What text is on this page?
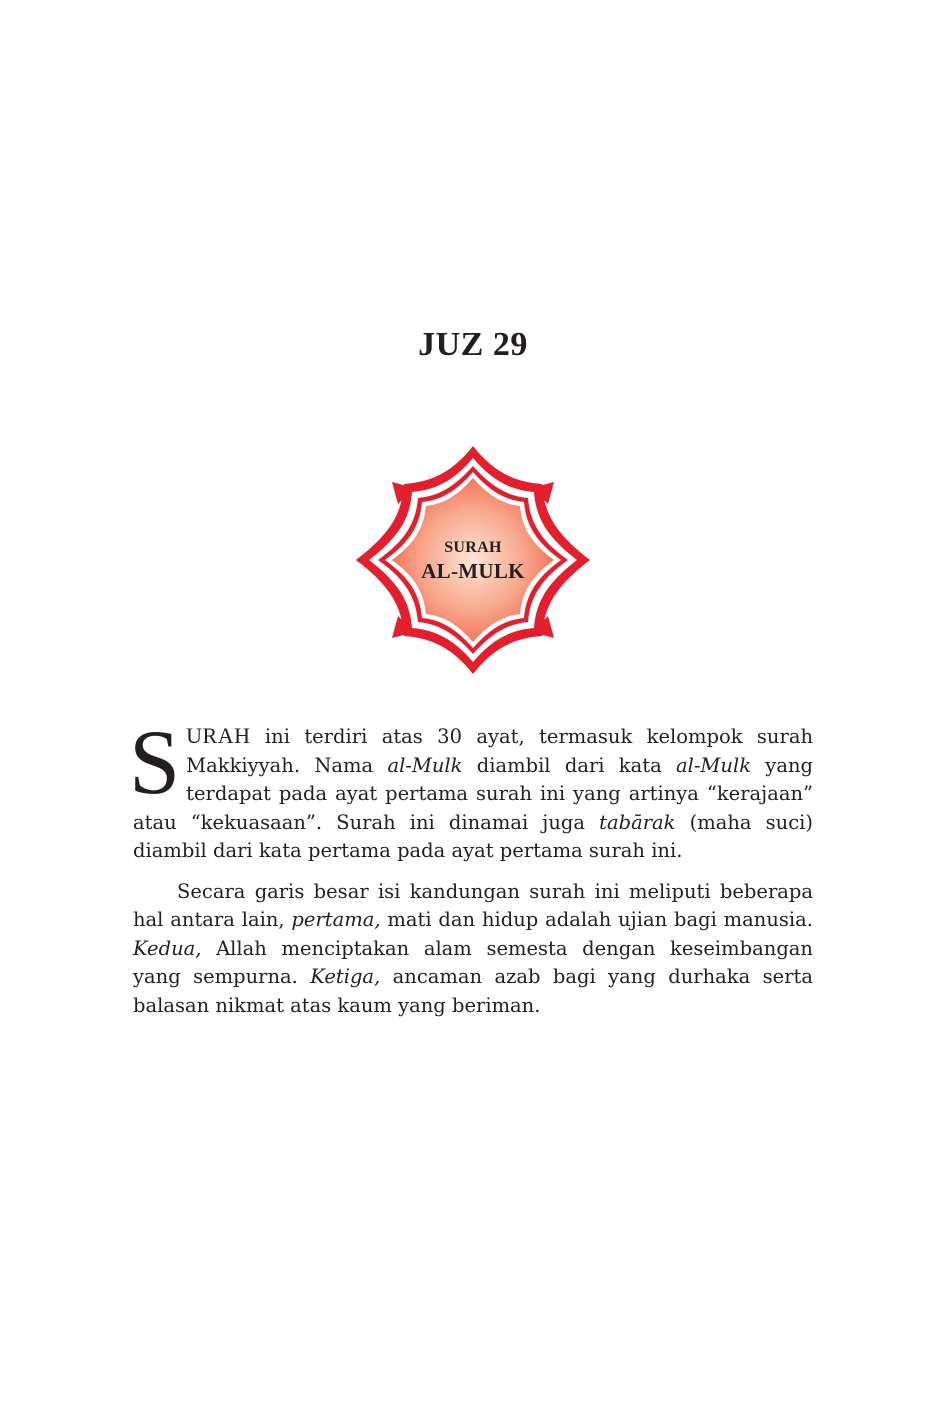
JUZ 29
SURAH
AL-MULK

SURAH ini terdiri atas 30 ayat, termasuk kelompok surah Makkiyyah. Nama al-Mulk diambil dari kata al-Mulk yang terdapat pada ayat pertama surah ini yang artinya “kerajaan” atau “kekuasaan”. Surah ini dinamai juga tabārak (maha suci) diambil dari kata pertama pada ayat pertama surah ini.

Secara garis besar isi kandungan surah ini meliputi beberapa hal antara lain, pertama, mati dan hidup adalah ujian bagi manusia. Kedua, Allah menciptakan alam semesta dengan keseimbangan yang sempurna. Ketiga, ancaman azab bagi yang durhaka serta balasan nikmat atas kaum yang beriman.
